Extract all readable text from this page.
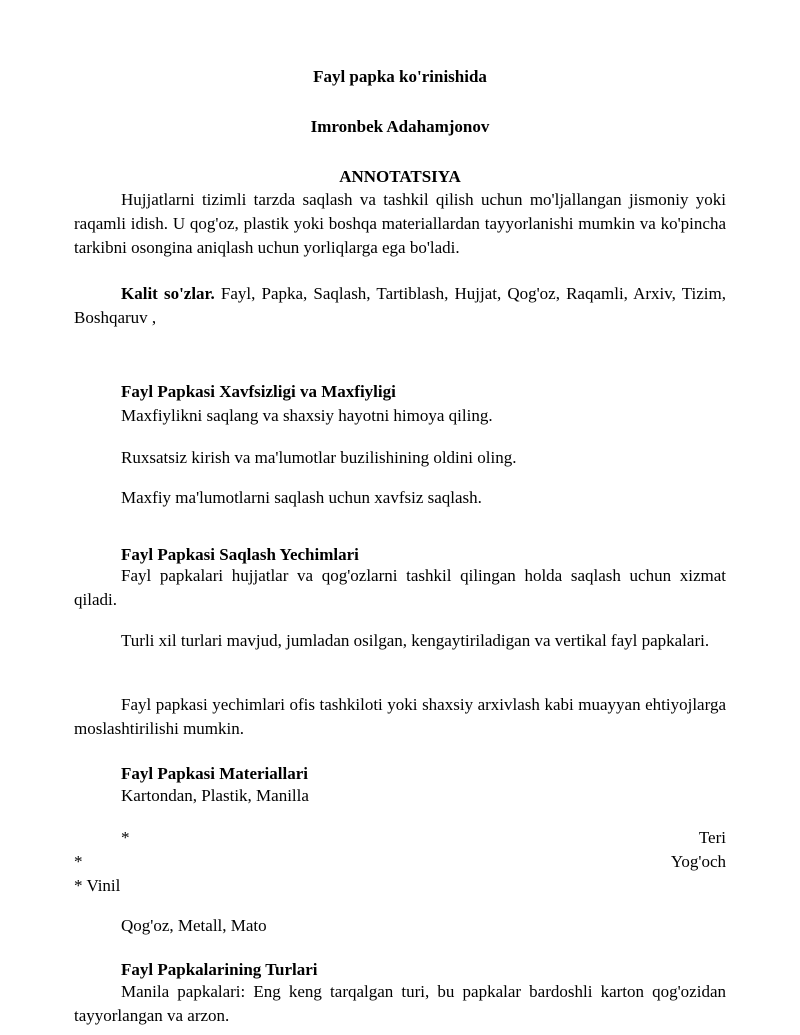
Fayl papka ko'rinishida
Imronbek Adahamjonov
ANNOTATSIYA
Hujjatlarni tizimli tarzda saqlash va tashkil qilish uchun mo'ljallangan jismoniy yoki raqamli idish. U qog'oz, plastik yoki boshqa materiallardan tayyorlanishi mumkin va ko'pincha tarkibni osongina aniqlash uchun yorliqlarga ega bo'ladi.
Kalit so'zlar. Fayl, Papka, Saqlash, Tartiblash, Hujjat, Qog'oz, Raqamli, Arxiv, Tizim, Boshqaruv ,
Fayl Papkasi Xavfsizligi va Maxfiyligi
Maxfiylikni saqlang va shaxsiy hayotni himoya qiling.
Ruxsatsiz kirish va ma'lumotlar buzilishining oldini oling.
Maxfiy ma'lumotlarni saqlash uchun xavfsiz saqlash.
Fayl Papkasi Saqlash Yechimlari
Fayl papkalari hujjatlar va qog'ozlarni tashkil qilingan holda saqlash uchun xizmat qiladi.
Turli xil turlari mavjud, jumladan osilgan, kengaytiriladigan va vertikal fayl papkalari.
Fayl papkasi yechimlari ofis tashkiloti yoki shaxsiy arxivlash kabi muayyan ehtiyojlarga moslashtirilishi mumkin.
Fayl Papkasi Materiallari
Kartondan, Plastik, Manilla
*	Teri
*	Yog'och
* Vinil
Qog'oz, Metall, Mato
Fayl Papkalarining Turlari
Manila papkalari: Eng keng tarqalgan turi, bu papkalar bardoshli karton qog'ozidan tayyorlangan va arzon.
